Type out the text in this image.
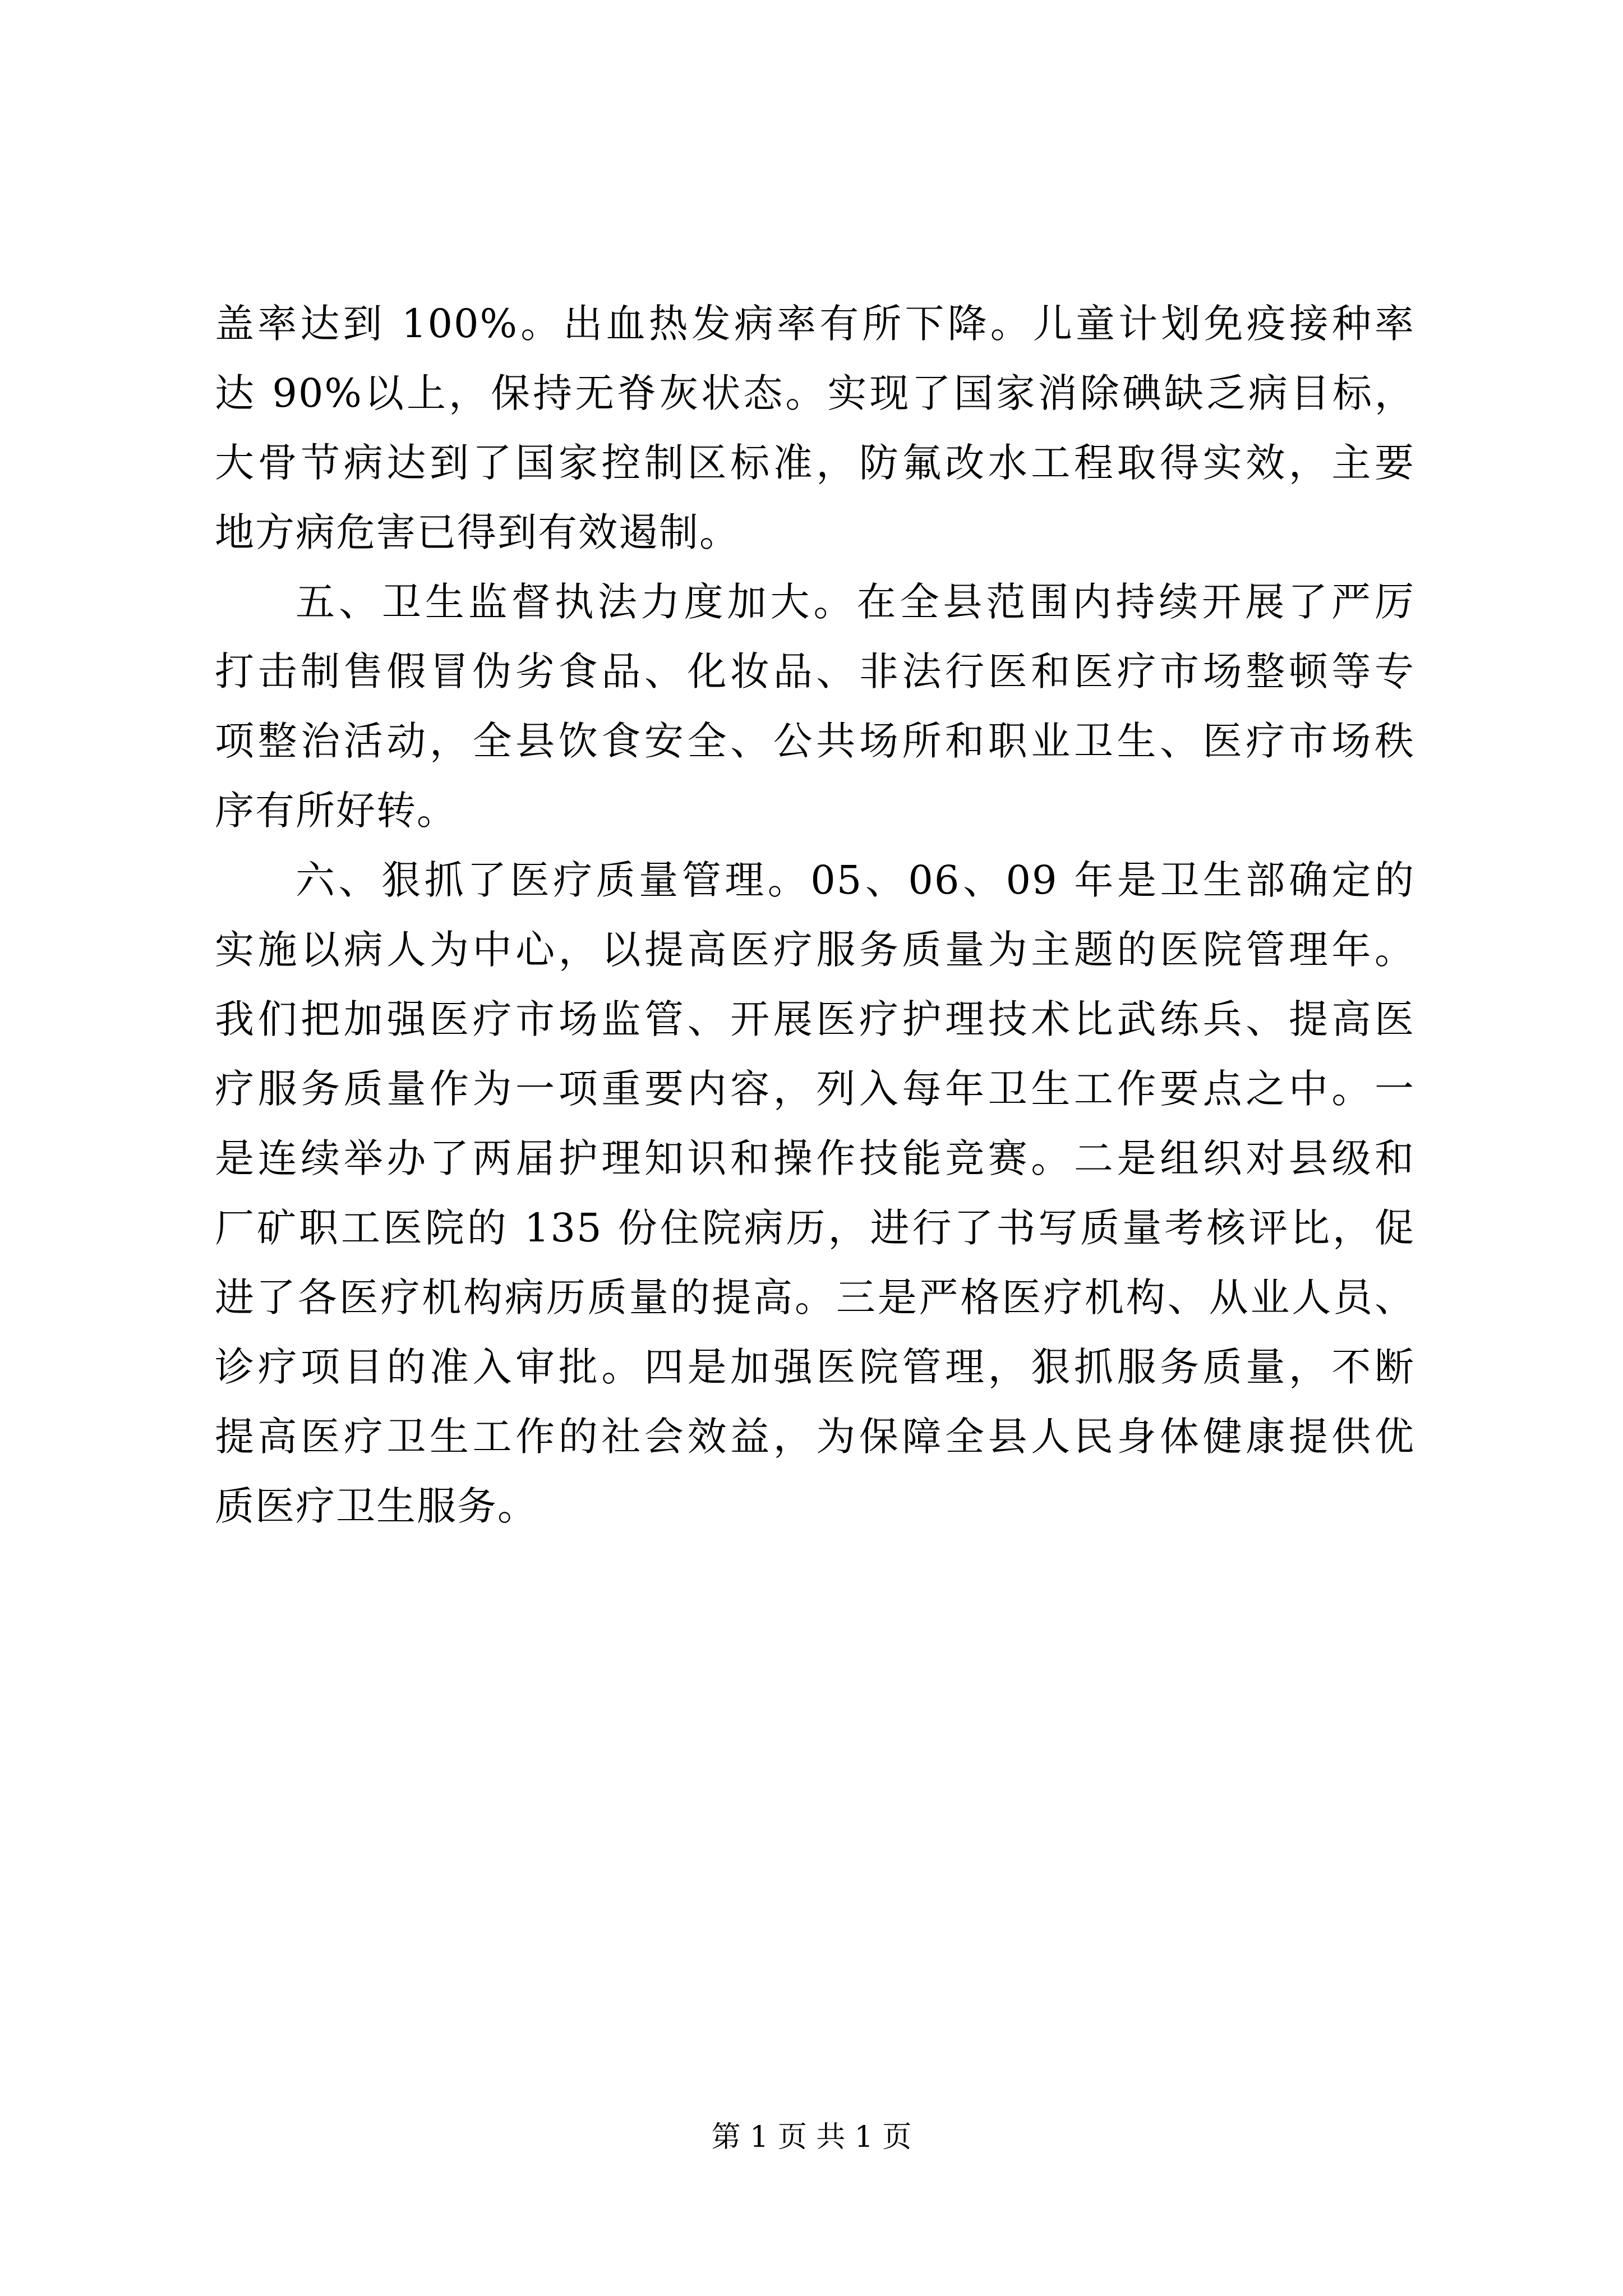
盖率达到 100%。出血热发病率有所下降。儿童计划免疫接种率
达 90%以上，保持无脊灰状态。实现了国家消除碘缺乏病目标，
大骨节病达到了国家控制区标准，防氟改水工程取得实效，主要
地方病危害已得到有效遏制。
五、卫生监督执法力度加大。在全县范围内持续开展了严厉
打击制售假冒伪劣食品、化妆品、非法行医和医疗市场整顿等专
项整治活动，全县饮食安全、公共场所和职业卫生、医疗市场秩
序有所好转。
六、狠抓了医疗质量管理。05、06、09 年是卫生部确定的
实施以病人为中心，以提高医疗服务质量为主题的医院管理年。
我们把加强医疗市场监管、开展医疗护理技术比武练兵、提高医
疗服务质量作为一项重要内容，列入每年卫生工作要点之中。一
是连续举办了两届护理知识和操作技能竞赛。二是组织对县级和
厂矿职工医院的 135 份住院病历，进行了书写质量考核评比，促
进了各医疗机构病历质量的提高。三是严格医疗机构、从业人员、
诊疗项目的准入审批。四是加强医院管理，狠抓服务质量，不断
提高医疗卫生工作的社会效益，为保障全县人民身体健康提供优
质医疗卫生服务。
第 1 页 共 1 页
